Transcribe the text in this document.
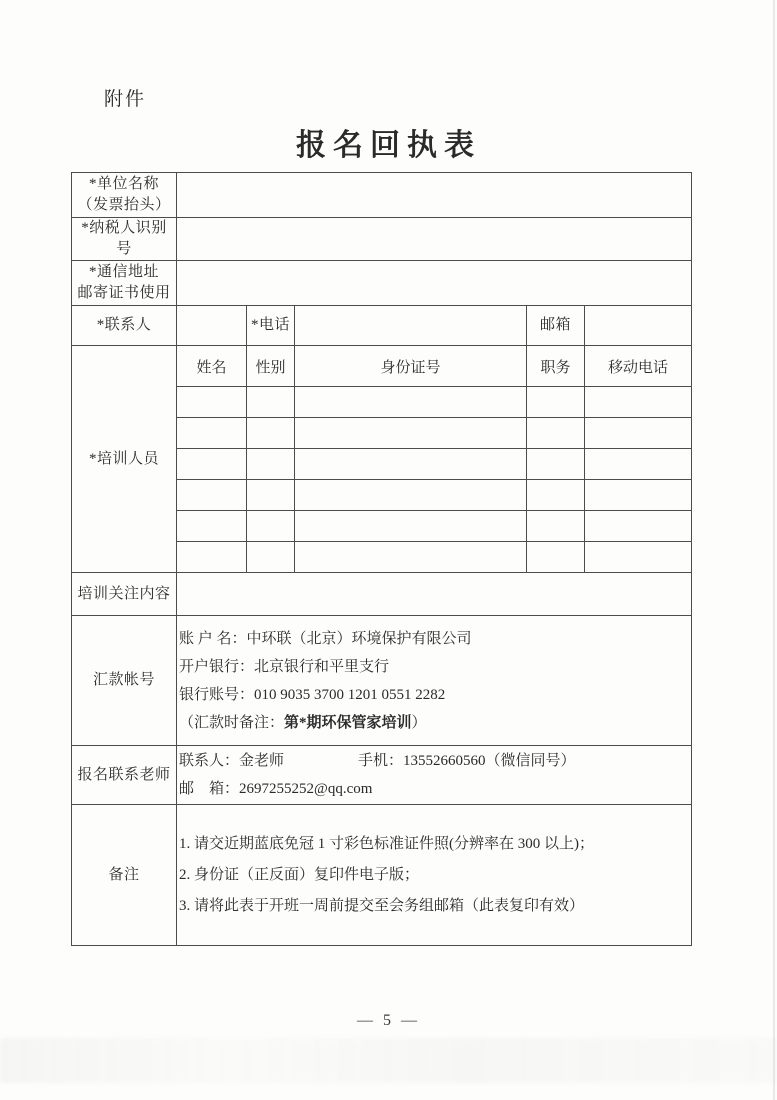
附件
报名回执表
*单位名称
（发票抬头）					

*纳税人识别号					

*通信地址
邮寄证书使用					

*联系人		*电话		邮箱	
*培训人员	姓名	性别	身份证号	职务	移动电话

培训关注内容					
汇款帐号	账 户 名：中环联（北京）环境保护有限公司
开户银行：北京银行和平里支行
银行账号：010 9035 3700 1201 0551 2282
（汇款时备注：第*期环保管家培训）				

报名联系老师	联系人：金老师 手机：13552660560（微信同号）
邮　箱：2697255252@qq.com				

备注	1. 请交近期蓝底免冠 1 寸彩色标准证件照(分辨率在 300 以上)；
2. 身份证（正反面）复印件电子版；
3. 请将此表于开班一周前提交至会务组邮箱（此表复印有效）				
— 5 —
